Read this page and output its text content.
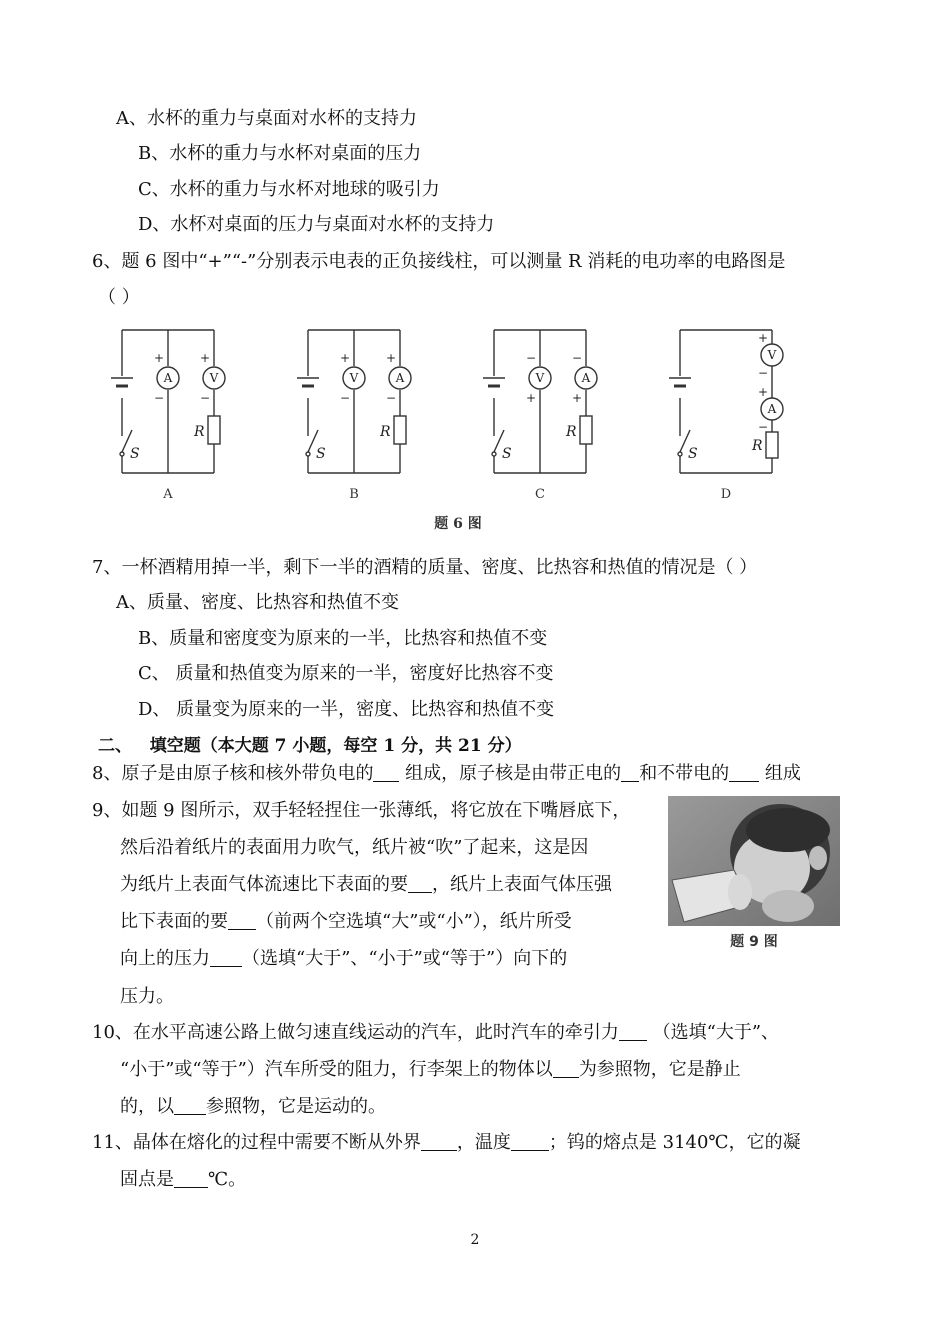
A、水杯的重力与桌面对水杯的支持力
B、水杯的重力与水杯对桌面的压力
C、水杯的重力与水杯对地球的吸引力
D、水杯对桌面的压力与桌面对水杯的支持力
6、题 6 图中“+”“-”分别表示电表的正负接线柱，可以测量 R 消耗的电功率的电路图是
（ ）
A	V	V	A	V	A
V
A
+
−
+
−
+
−
+
−
−
+
−
+
+
−
+
−
S	S	S	S
R	R	R
R
A	B	C	D
题 6 图
7、一杯酒精用掉一半，剩下一半的酒精的质量、密度、比热容和热值的情况是（ ）
A、质量、密度、比热容和热值不变
B、质量和密度变为原来的一半，比热容和热值不变
C、 质量和热值变为原来的一半，密度好比热容不变
D、 质量变为原来的一半，密度、比热容和热值不变
二、 填空题（本大题 7 小题，每空 1 分，共 21 分）
8、原子是由原子核和核外带负电的 组成，原子核是由带正电的 和不带电的 组成
9、如题 9 图所示，双手轻轻捏住一张薄纸，将它放在下嘴唇底下，
然后沿着纸片的表面用力吹气，纸片被“吹”了起来，这是因
为纸片上表面气体流速比下表面的要 ，纸片上表面气体压强
比下表面的要 （前两个空选填“大”或“小”），纸片所受
向上的压力 （选填“大于”、“小于”或“等于”）向下的
压力。
题 9 图
10、在水平高速公路上做匀速直线运动的汽车，此时汽车的牵引力 （选填“大于”、
“小于”或“等于”）汽车所受的阻力，行李架上的物体以 为参照物，它是静止
的，以 参照物，它是运动的。
11、晶体在熔化的过程中需要不断从外界 ，温度 ；钨的熔点是 3140℃，它的凝
固点是 ℃。
2
